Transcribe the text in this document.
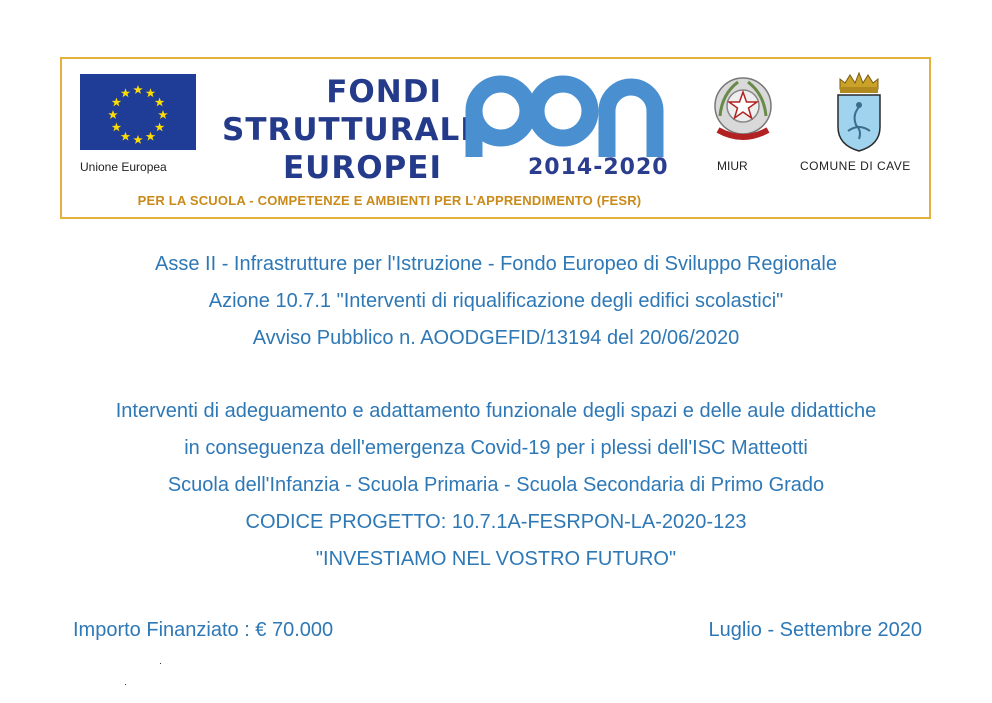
Unione Europea
FONDI
STRUTTURALI
EUROPEI	2014-2020
PER LA SCUOLA - COMPETENZE E AMBIENTI PER L’APPRENDIMENTO (FESR)
MIUR	COMUNE DI CAVE
Asse II - Infrastrutture per l'Istruzione - Fondo Europeo di Sviluppo Regionale
Azione 10.7.1 "Interventi di riqualificazione degli edifici scolastici"
Avviso Pubblico n. AOODGEFID/13194 del 20/06/2020
Interventi di adeguamento e adattamento funzionale degli spazi e delle aule didattiche
in conseguenza dell'emergenza Covid-19 per i plessi dell'ISC Matteotti
Scuola dell'Infanzia - Scuola Primaria - Scuola Secondaria di Primo Grado
CODICE PROGETTO: 10.7.1A-FESRPON-LA-2020-123
"INVESTIAMO NEL VOSTRO FUTURO"
Importo Finanziato : € 70.000	Luglio - Settembre 2020
